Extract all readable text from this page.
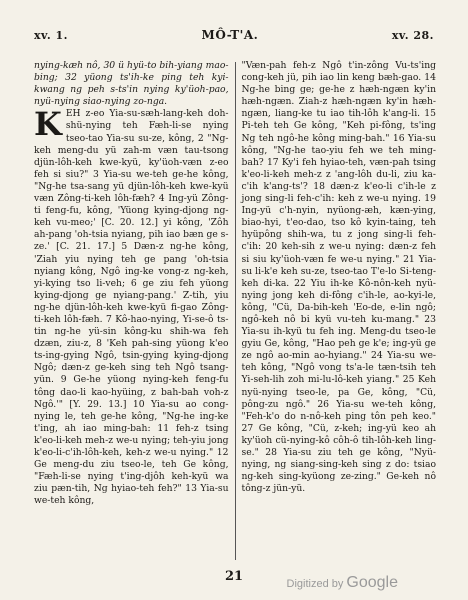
xv. 1.	MÔ-T'A.	xv. 28.

nying-kæh nô, 30 ü hyü-to bih-yiang mao-bing; 32 yüong ts'ih-ke ping teh kyi-kwang ng peh s-ts'in nying ky'üoh-pao, nyü-nying siao-nying zo-nga.

KEH z-eo Yia-su-sæh-lang-keh doh-shü-nying teh Fæh-li-se nying tseo-tao Yia-su su-ze, kông, 2 "Ng-keh meng-du yü zah-m væn tau-tsong djün-lôh-keh kwe-kyü, ky'üoh-væn z-eo feh si siu?" 3 Yia-su we-teh ge-he kông, "Ng-he tsa-sang yü djün-lôh-keh kwe-kyü væn Zông-ti-keh lôh-fæh? 4 Ing-yü Zông-ti feng-fu, kông, 'Yüong kying-djong ng-keh vu-meo;' [C. 20. 12.] yi kông, 'Zôh ah-pang 'oh-tsia nyiang, pih iao bæn ge s-ze.' [C. 21. 17.] 5 Dæn-z ng-he kông, 'Ziah yiu nying teh ge pang 'oh-tsia nyiang kông, Ngô ing-ke vong-z ng-keh, yi-kying tso li-veh; 6 ge ziu feh yüong kying-djong ge nyiang-pang.' Z-tih, yiu ng-he djün-lôh-keh kwe-kyü fi-gao Zông-ti-keh lôh-fæh. 7 Kô-hao-nying, Yi-se-ô ts-tin ng-he yü-sin kông-ku shih-wa feh dzæn, ziu-z, 8 'Keh pah-sing yüong k'eo ts-ing-gying Ngô, tsin-gying kying-djong Ngô; dæn-z ge-keh sing teh Ngô tsang-yün. 9 Ge-he yüong nying-keh feng-fu tông dao-li kao-hyüing, z bah-bah voh-z Ngô.'" [Y. 29. 13.] 10 Yia-su ao cong-nying le, teh ge-he kông, "Ng-he ing-ke t'ing, ah iao ming-bah: 11 feh-z tsing k'eo-li-keh meh-z we-u nying; teh-yiu jong k'eo-li-c'ih-lôh-keh, keh-z we-u nying." 12 Ge meng-du ziu tseo-le, teh Ge kông, "Fæh-li-se nying t'ing-djôh keh-kyü wa ziu pæn-tih, Ng hyiao-teh feh?" 13 Yia-su we-teh kông,

"Væn-pah feh-z Ngô t'in-zông Vu-ts'ing cong-keh jü, pih iao lin keng bæh-gao. 14 Ng-he bing ge; ge-he z hæh-ngæn ky'in hæh-ngæn. Ziah-z hæh-ngæn ky'in hæh-ngæn, liang-ke tu iao tih-lôh k'ang-li. 15 Pi-teh teh Ge kông, "Keh pi-fông, ts'ing Ng teh ngô-he kông ming-bah." 16 Yia-su kông, "Ng-he tao-yiu feh we teh ming-bah? 17 Ky'i feh hyiao-teh, væn-pah tsing k'eo-li-keh meh-z z 'ang-lôh du-li, ziu ka-c'ih k'ang-ts'? 18 dæn-z k'eo-li c'ih-le z jong sing-li feh-c'ih: keh z we-u nying. 19 Ing-yü c'h-nyin, nyüong-æh, kæn-ying, biao-hyi, t'eo-dao, tso kô kyin-taing, teh hyüpông shih-wa, tu z jong sing-li feh-c'ih: 20 keh-sih z we-u nying: dæn-z feh si siu ky'üoh-væn fe we-u nying." 21 Yia-su li-k'e keh su-ze, tseo-tao T'e-lo Si-teng-keh di-ka. 22 Yiu ih-ke Kô-nôn-keh nyü-nying jong keh di-fông c'ih-le, ao-kyi-le, kông, "Cü, Da-bih-keh 'Eo-de, e-lin ngô; ngô-keh nô bi kyü vu-teh ku-mang." 23 Yia-su ih-kyü tu feh ing. Meng-du tseo-le gyiu Ge, kông, "Hao peh ge k'e; ing-yü ge ze ngô ao-min ao-hyiang." 24 Yia-su we-teh kông, "Ngô vong ts'a-le tæn-tsih teh Yi-seh-lih zoh mi-lu-lô-keh yiang." 25 Keh nyü-nying tseo-le, pa Ge, kông, "Cü, pông-zu ngô." 26 Yia-su we-teh kông, "Feh-k'o do n-nô-keh ping tôn peh keo." 27 Ge kông, "Cü, z-keh; ing-yü keo ah ky'üoh cü-nying-kô côh-ô tih-lôh-keh ling-se." 28 Yia-su ziu teh ge kông, "Nyü-nying, ng siang-sing-keh sing z do: tsiao ng-keh sing-kyüong ze-zing." Ge-keh nô tông-z jün-yü.

21	Digitized by Google
